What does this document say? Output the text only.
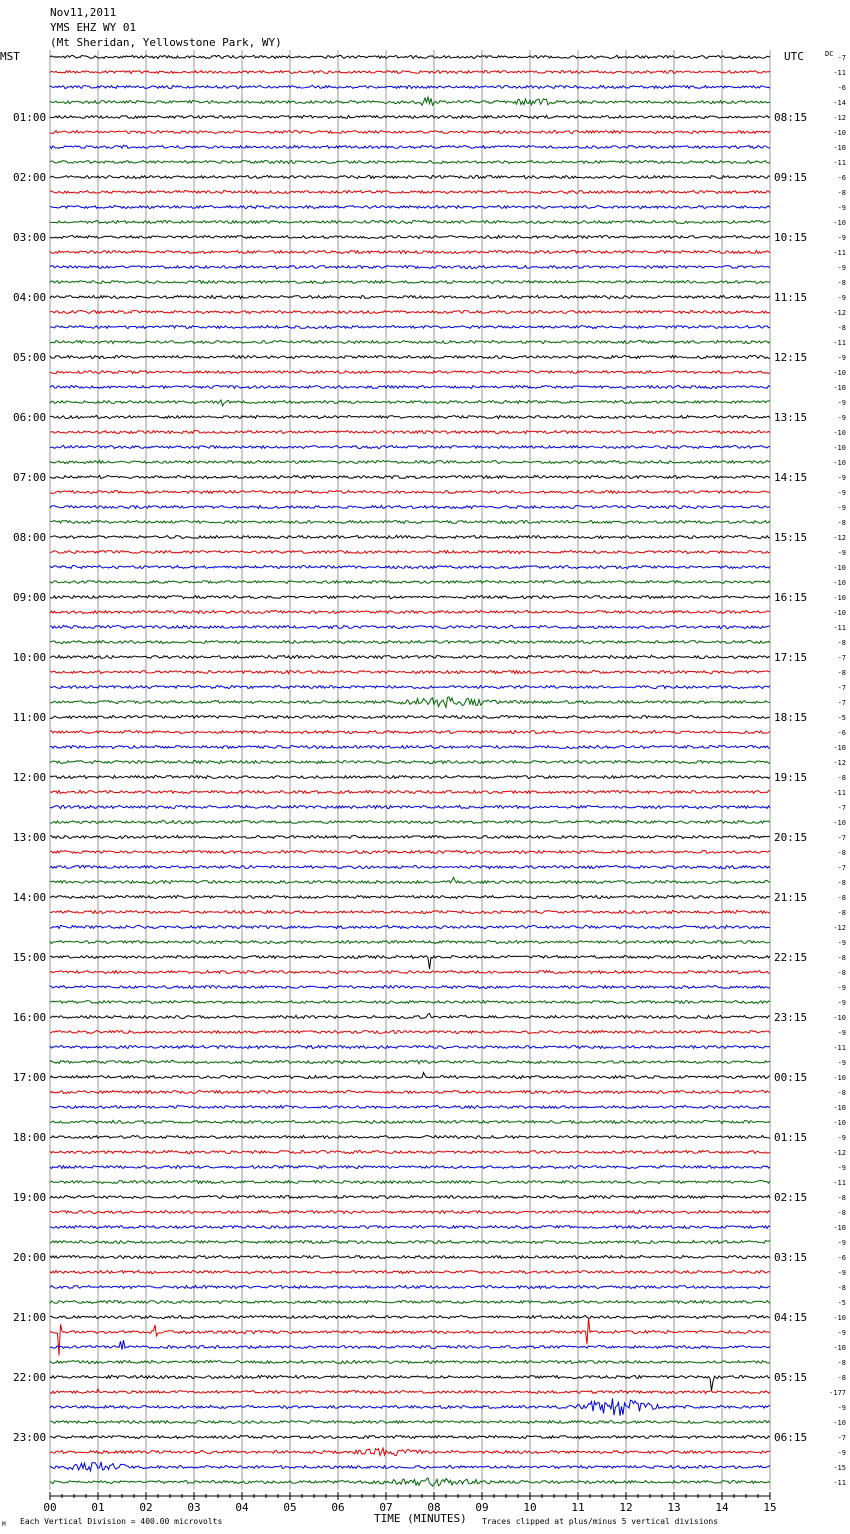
Nov11,2011
YMS EHZ WY 01
(Mt Sheridan, Yellowstone Park, WY)
MST	UTC	DC
01:00
02:00
03:00
04:00
05:00
06:00
07:00
08:00
09:00
10:00
11:00
12:00
13:00
14:00
15:00
16:00
17:00
18:00
19:00
20:00
21:00
22:00
23:00
08:15
09:15
10:15
11:15
12:15
13:15
14:15
15:15
16:15
17:15
18:15
19:15
20:15
21:15
22:15
23:15
00:15
01:15
02:15
03:15
04:15
05:15
06:15
-7
-11
-6
-14
-12
-10
-10
-11
-6
-8
-9
-10
-9
-11
-9
-8
-9
-12
-8
-11
-9
-10
-10
-9
-9
-10
-10
-10
-9
-9
-9
-8
-12
-9
-10
-10
-10
-10
-11
-8
-7
-8
-7
-7
-5
-6
-10
-12
-8
-11
-7
-10
-7
-8
-7
-8
-8
-8
-12
-9
-8
-8
-9
-9
-10
-9
-11
-9
-10
-8
-10
-10
-9
-12
-9
-11
-8
-8
-10
-9
-6
-9
-8
-5
-10
-9
-10
-8
-8
-177
-9
-10
-7
-9
-15
-11
00	01	02	03	04	05	06	07	08	09	10	11	12	13	14	15
M Each Vertical Division = 400.00 microvolts	TIME (MINUTES) Traces clipped at plus/minus 5 vertical divisions
